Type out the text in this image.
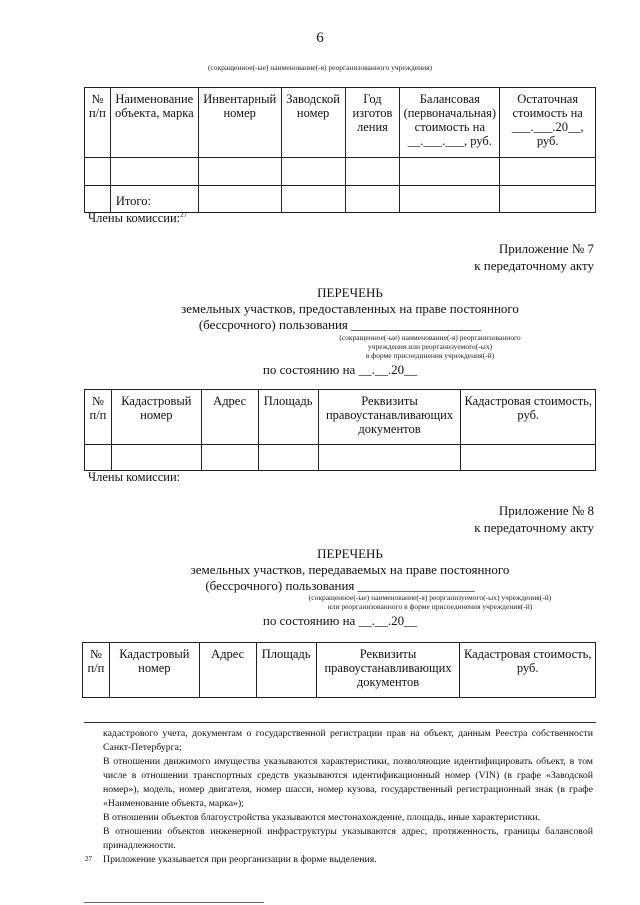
6
(сокращенное(-ые) наименование(-я) реорганизованного учреждения)
№ п/п	Наименование объекта, марка	Инвентарный номер	Заводской номер	Год изготов ления	Балансовая (первоначальная) стоимость на __.___.___, руб.	Остаточная стоимость на ___.___.20__, руб.

	Итого:					
Члены комиссии:$^{27}$
Приложение № 7
к передаточному акту
ПЕРЕЧЕНЬ
земельных участков, предоставленных на праве постоянного
(бессрочного) пользования ____________________
(сокращенное(-ые) наименование(-я) реорганизованного
учреждения или реорганизуемого(-ых)
в форме присоединения учреждения(-й)
по состоянию на __.__.20__
№ п/п	Кадастровый номер	Адрес	Площадь	Реквизиты правоустанавливающих документов	Кадастровая стоимость, руб.

Члены комиссии:
Приложение № 8
к передаточному акту
ПЕРЕЧЕНЬ
земельных участков, передаваемых на праве постоянного
(бессрочного) пользования __________________
(сокращенное(-ые) наименование(-я) реорганизуемого(-ых) учреждения(-й)
или реорганизованного в форме присоединения учреждения(-й)
по состоянию на __.__.20__
№ п/п	Кадастровый номер	Адрес	Площадь	Реквизиты правоустанавливающих документов	Кадастровая стоимость, руб.
кадастрового учета, документам о государственной регистрации прав на объект, данным Реестра собственности Санкт-Петербурга;
В отношении движимого имущества указываются характеристики, позволяющие идентифицировать объект, в том числе в отношении транспортных средств указываются идентификационный номер (VIN) (в графе «Заводской номер»), модель, номер двигателя, номер шасси, номер кузова, государственный регистрационный знак (в графе «Наименование объекта, марка»);
В отношении объектов благоустройства указываются местонахождение, площадь, иные характеристики.
В отношении объектов инженерной инфраструктуры указываются адрес, протяженность, границы балансовой принадлежности.
27 Приложение указывается при реорганизации в форме выделения.
